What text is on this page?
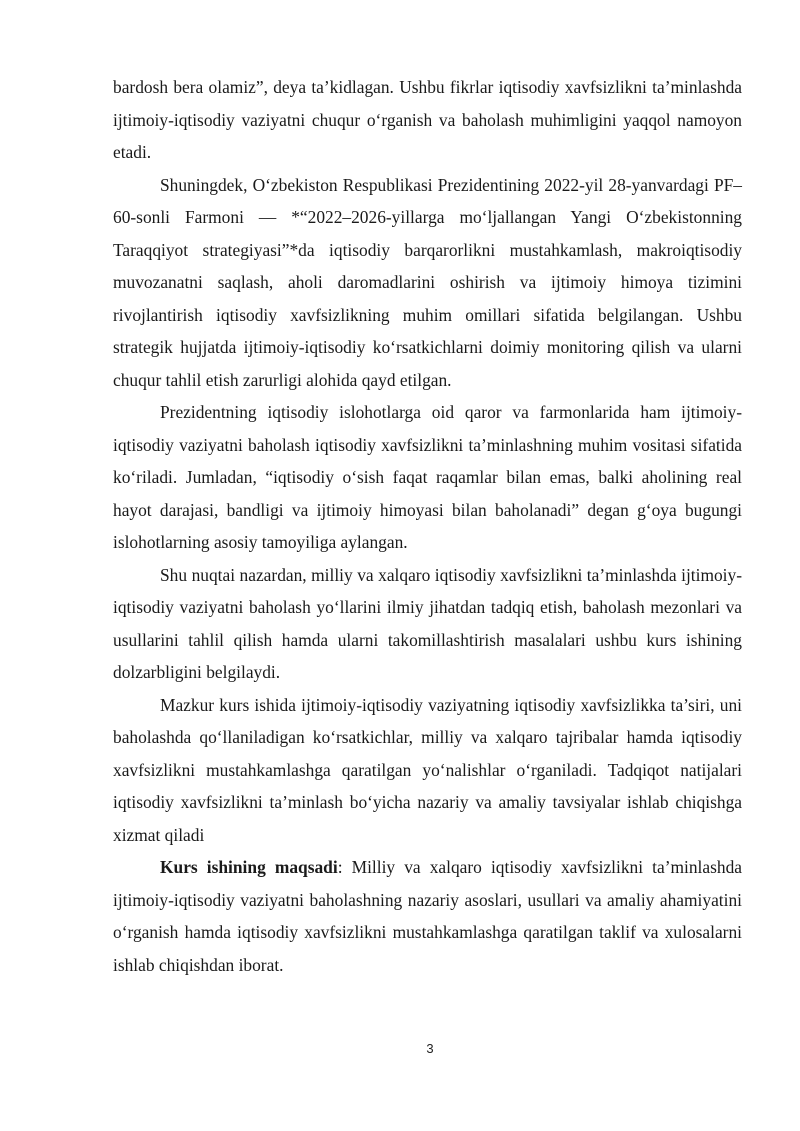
bardosh bera olamiz”, deya ta’kidlagan. Ushbu fikrlar iqtisodiy xavfsizlikni ta’minlashda ijtimoiy-iqtisodiy vaziyatni chuqur o‘rganish va baholash muhimligini yaqqol namoyon etadi.

Shuningdek, O‘zbekiston Respublikasi Prezidentining 2022-yil 28-yanvardagi PF–60-sonli Farmoni — *“2022–2026-yillarga mo‘ljallangan Yangi O‘zbekistonning Taraqqiyot strategiyasi”*da iqtisodiy barqarorlikni mustahkamlash, makroiqtisodiy muvozanatni saqlash, aholi daromadlarini oshirish va ijtimoiy himoya tizimini rivojlantirish iqtisodiy xavfsizlikning muhim omillari sifatida belgilangan. Ushbu strategik hujjatda ijtimoiy-iqtisodiy ko‘rsatkichlarni doimiy monitoring qilish va ularni chuqur tahlil etish zarurligi alohida qayd etilgan.

Prezidentning iqtisodiy islohotlarga oid qaror va farmonlarida ham ijtimoiy-iqtisodiy vaziyatni baholash iqtisodiy xavfsizlikni ta’minlashning muhim vositasi sifatida ko‘riladi. Jumladan, “iqtisodiy o‘sish faqat raqamlar bilan emas, balki aholining real hayot darajasi, bandligi va ijtimoiy himoyasi bilan baholanadi” degan g‘oya bugungi islohotlarning asosiy tamoyiliga aylangan.

Shu nuqtai nazardan, milliy va xalqaro iqtisodiy xavfsizlikni ta’minlashda ijtimoiy-iqtisodiy vaziyatni baholash yo‘llarini ilmiy jihatdan tadqiq etish, baholash mezonlari va usullarini tahlil qilish hamda ularni takomillashtirish masalalari ushbu kurs ishining dolzarbligini belgilaydi.

Mazkur kurs ishida ijtimoiy-iqtisodiy vaziyatning iqtisodiy xavfsizlikka ta’siri, uni baholashda qo‘llaniladigan ko‘rsatkichlar, milliy va xalqaro tajribalar hamda iqtisodiy xavfsizlikni mustahkamlashga qaratilgan yo‘nalishlar o‘rganiladi. Tadqiqot natijalari iqtisodiy xavfsizlikni ta’minlash bo‘yicha nazariy va amaliy tavsiyalar ishlab chiqishga xizmat qiladi

Kurs ishining maqsadi: Milliy va xalqaro iqtisodiy xavfsizlikni ta’minlashda ijtimoiy-iqtisodiy vaziyatni baholashning nazariy asoslari, usullari va amaliy ahamiyatini o‘rganish hamda iqtisodiy xavfsizlikni mustahkamlashga qaratilgan taklif va xulosalarni ishlab chiqishdan iborat.

3
